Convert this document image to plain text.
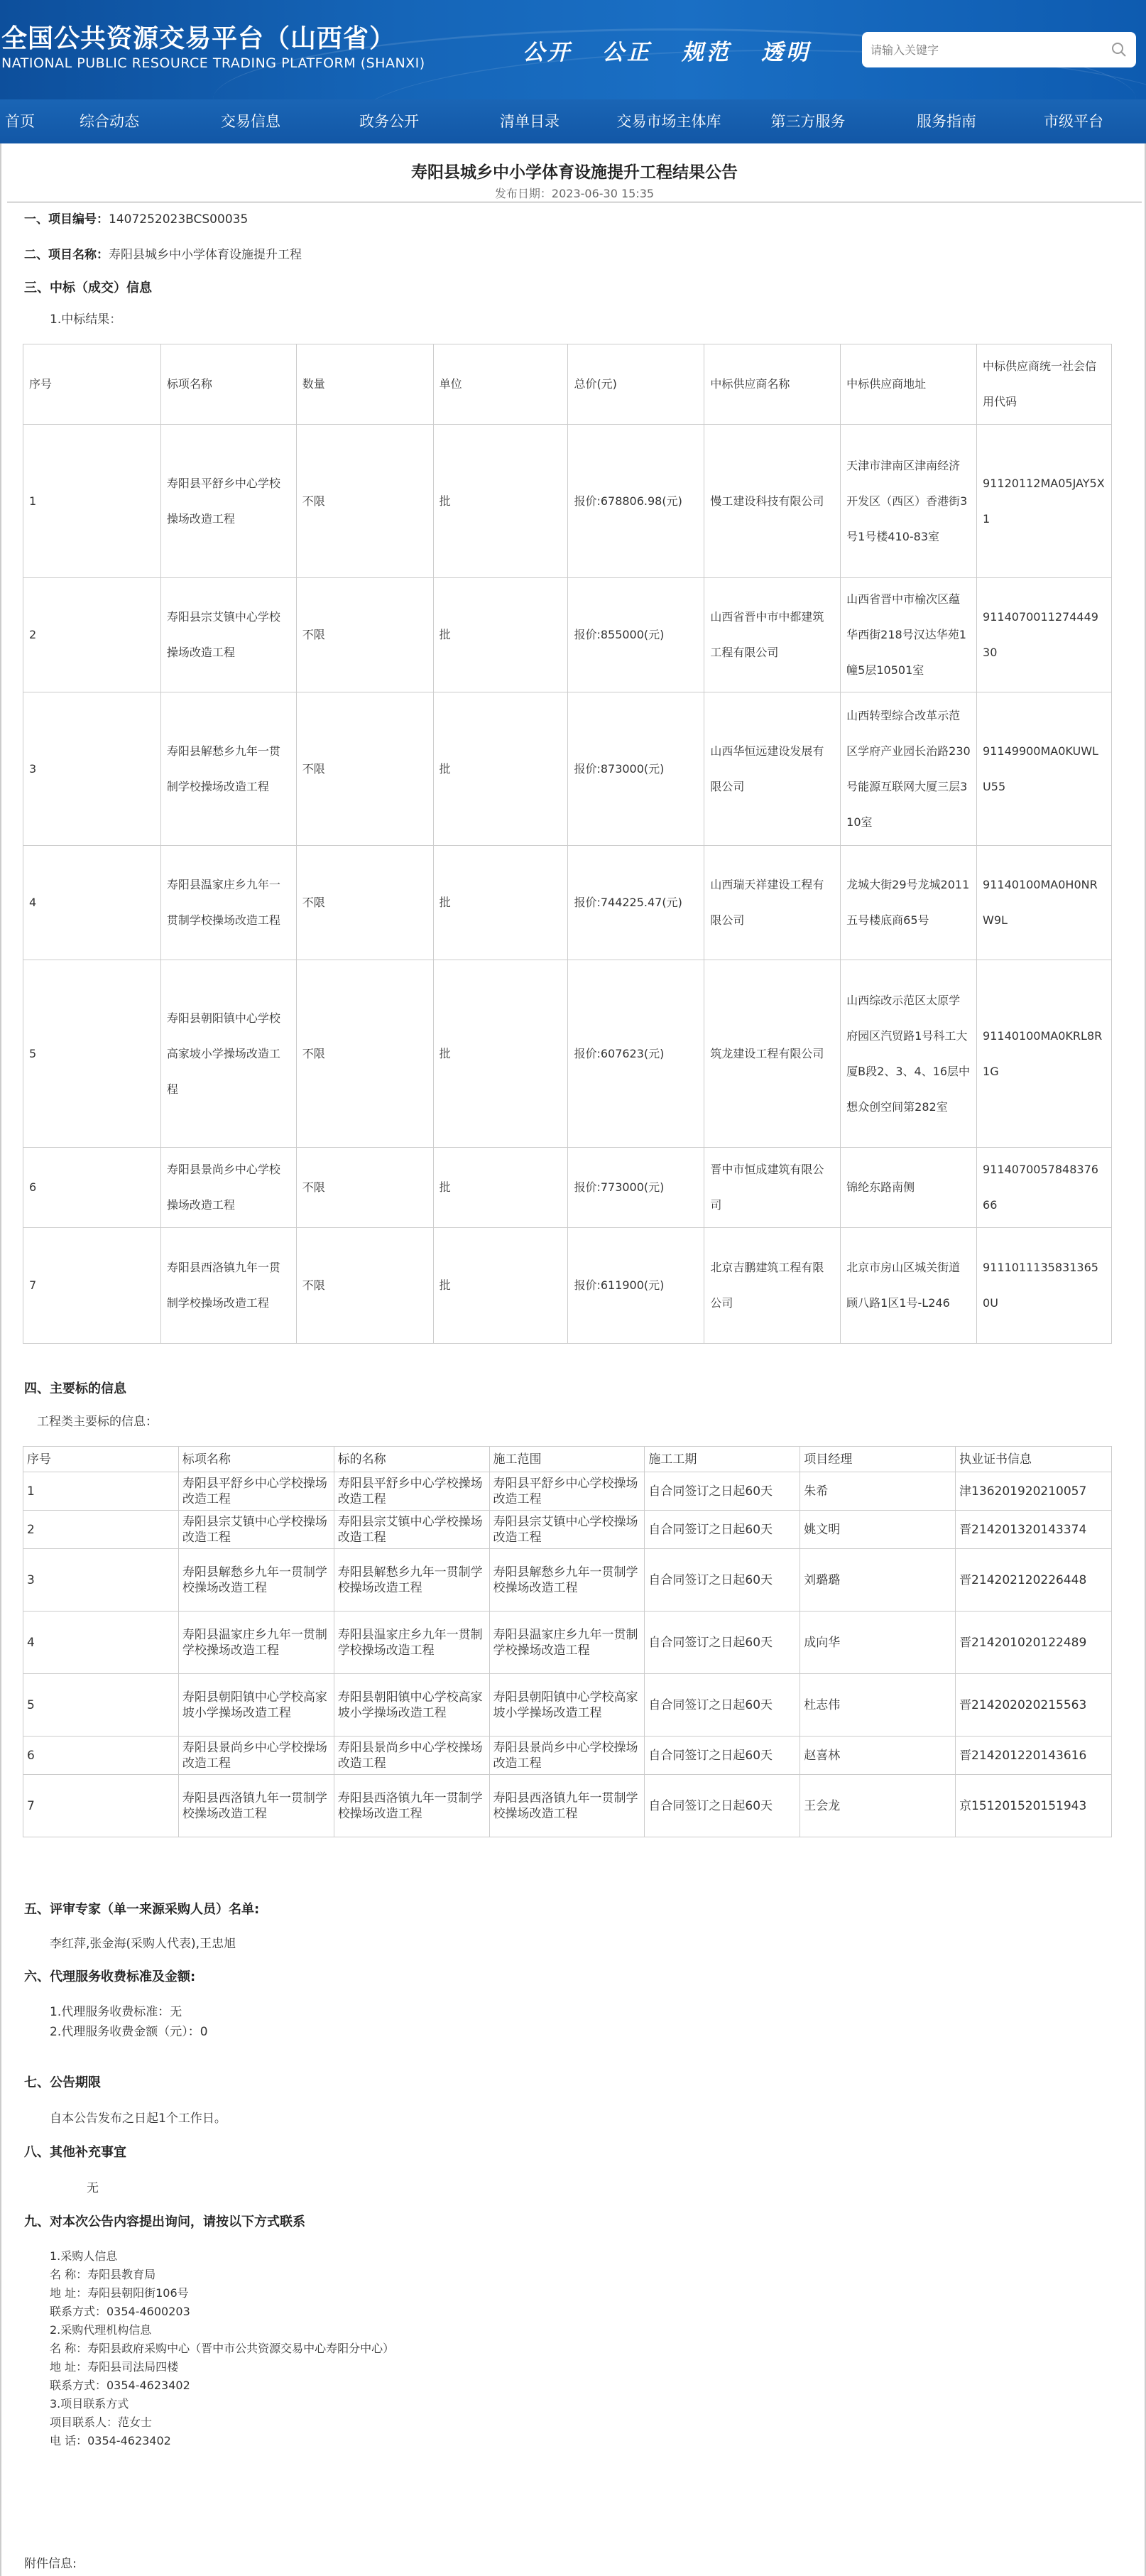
全国公共资源交易平台（山西省）
NATIONAL PUBLIC RESOURCE TRADING PLATFORM (SHANXI)	公开	公正	规范	透明
请输入关键字
首页	综合动态	交易信息	政务公开	清单目录	交易市场主体库	第三方服务	服务指南	市级平台
寿阳县城乡中小学体育设施提升工程结果公告
发布日期：2023-06-30 15:35
一、项目编号：1407252023BCS00035
二、项目名称：寿阳县城乡中小学体育设施提升工程
三、中标（成交）信息
1.中标结果：
序号	标项名称	数量	单位	总价(元)	中标供应商名称	中标供应商地址	中标供应商统一社会信用代码
1	寿阳县平舒乡中心学校操场改造工程	不限	批	报价:678806.98(元)	慢工建设科技有限公司	天津市津南区津南经济开发区（西区）香港街3号1号楼410-83室	91120112MA05JAY5X1
2	寿阳县宗艾镇中心学校操场改造工程	不限	批	报价:855000(元)	山西省晋中市中都建筑工程有限公司	山西省晋中市榆次区蕴华西街218号汉达华苑1幢5层10501室	911407001127444930
3	寿阳县解愁乡九年一贯制学校操场改造工程	不限	批	报价:873000(元)	山西华恒远建设发展有限公司	山西转型综合改革示范区学府产业园长治路230号能源互联网大厦三层310室	91149900MA0KUWLU55
4	寿阳县温家庄乡九年一贯制学校操场改造工程	不限	批	报价:744225.47(元)	山西瑞天祥建设工程有限公司	龙城大街29号龙城2011五号楼底商65号	91140100MA0H0NRW9L
5	寿阳县朝阳镇中心学校高家坡小学操场改造工程	不限	批	报价:607623(元)	筑龙建设工程有限公司	山西综改示范区太原学府园区汽贸路1号科工大厦B段2、3、4、16层中想众创空间第282室	91140100MA0KRL8R1G
6	寿阳县景尚乡中心学校操场改造工程	不限	批	报价:773000(元)	晋中市恒成建筑有限公司	锦纶东路南侧	911407005784837666
7	寿阳县西洛镇九年一贯制学校操场改造工程	不限	批	报价:611900(元)	北京吉鹏建筑工程有限公司	北京市房山区城关街道顾八路1区1号-L246	91110111358313650U
四、主要标的信息
工程类主要标的信息：
序号	标项名称	标的名称	施工范围	施工工期	项目经理	执业证书信息
1	寿阳县平舒乡中心学校操场改造工程	寿阳县平舒乡中心学校操场改造工程	寿阳县平舒乡中心学校操场改造工程	自合同签订之日起60天	朱希	津136201920210057
2	寿阳县宗艾镇中心学校操场改造工程	寿阳县宗艾镇中心学校操场改造工程	寿阳县宗艾镇中心学校操场改造工程	自合同签订之日起60天	姚文明	晋214201320143374
3	寿阳县解愁乡九年一贯制学校操场改造工程	寿阳县解愁乡九年一贯制学校操场改造工程	寿阳县解愁乡九年一贯制学校操场改造工程	自合同签订之日起60天	刘璐璐	晋214202120226448
4	寿阳县温家庄乡九年一贯制学校操场改造工程	寿阳县温家庄乡九年一贯制学校操场改造工程	寿阳县温家庄乡九年一贯制学校操场改造工程	自合同签订之日起60天	成向华	晋214201020122489
5	寿阳县朝阳镇中心学校高家坡小学操场改造工程	寿阳县朝阳镇中心学校高家坡小学操场改造工程	寿阳县朝阳镇中心学校高家坡小学操场改造工程	自合同签订之日起60天	杜志伟	晋214202020215563
6	寿阳县景尚乡中心学校操场改造工程	寿阳县景尚乡中心学校操场改造工程	寿阳县景尚乡中心学校操场改造工程	自合同签订之日起60天	赵喜林	晋214201220143616
7	寿阳县西洛镇九年一贯制学校操场改造工程	寿阳县西洛镇九年一贯制学校操场改造工程	寿阳县西洛镇九年一贯制学校操场改造工程	自合同签订之日起60天	王会龙	京151201520151943
五、评审专家（单一来源采购人员）名单:
李红萍,张金海(采购人代表),王忠旭
六、代理服务收费标准及金额:
1.代理服务收费标准：无
2.代理服务收费金额（元）：0
七、公告期限
自本公告发布之日起1个工作日。
八、其他补充事宜
无
九、对本次公告内容提出询问，请按以下方式联系
1.采购人信息
名 称：寿阳县教育局
地 址：寿阳县朝阳街106号
联系方式：0354-4600203
2.采购代理机构信息
名 称：寿阳县政府采购中心（晋中市公共资源交易中心寿阳分中心）
地 址：寿阳县司法局四楼
联系方式：0354-4623402
3.项目联系方式
项目联系人：范女士
电 话：0354-4623402
附件信息:
